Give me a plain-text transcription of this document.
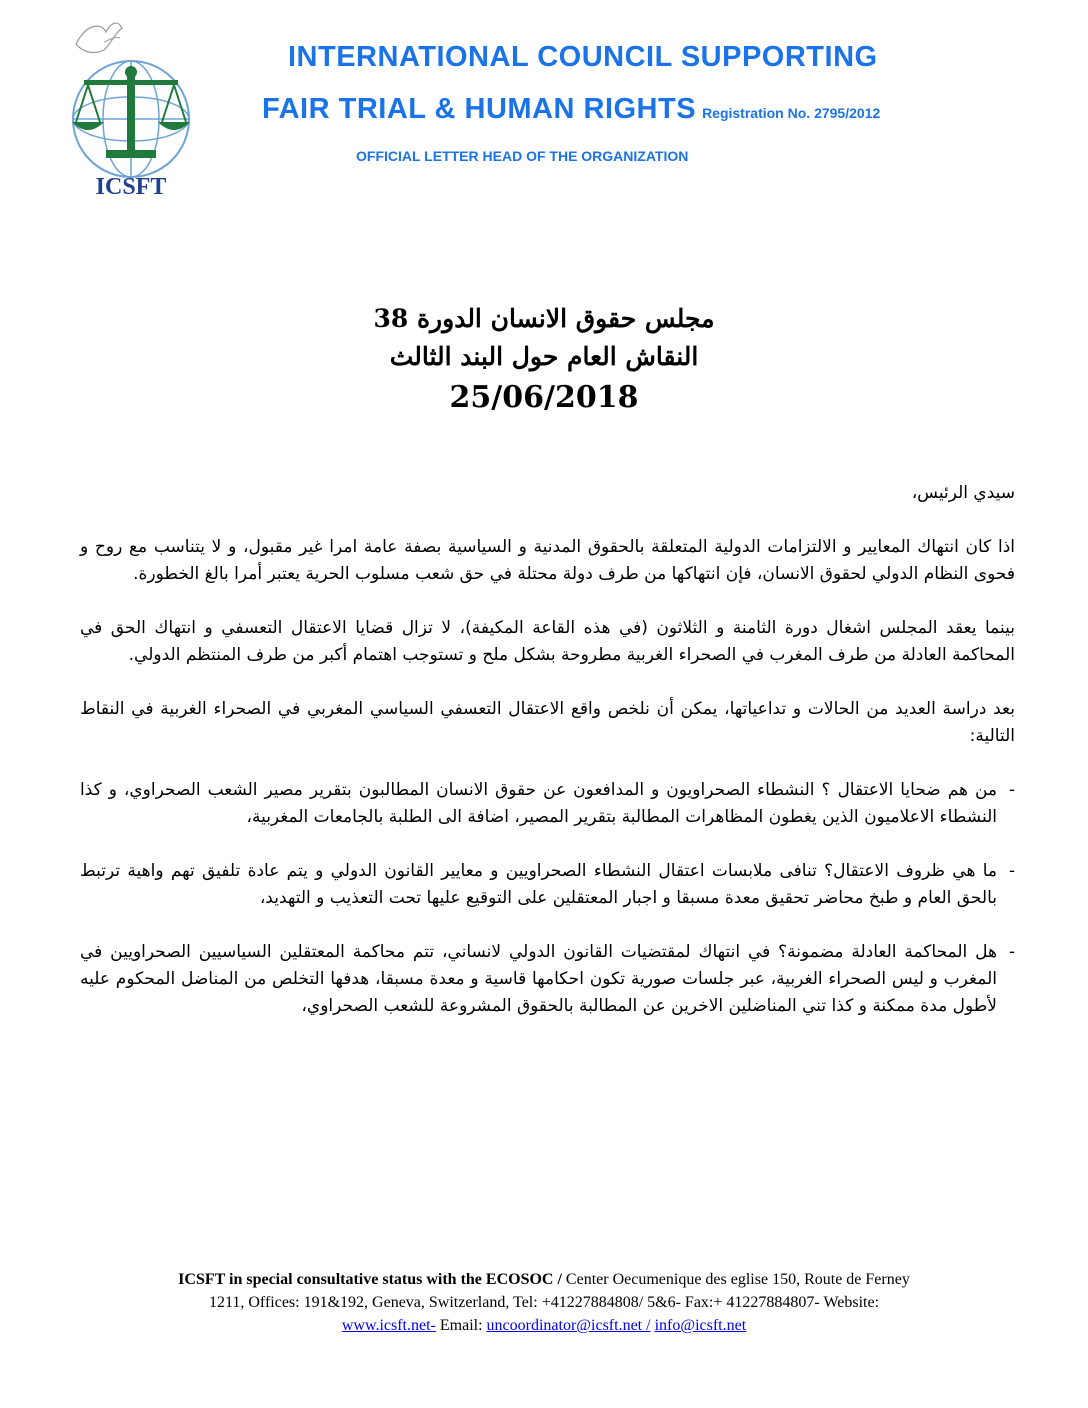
ICSFT
INTERNATIONAL COUNCIL SUPPORTING
FAIR TRIAL & HUMAN RIGHTS Registration No. 2795/2012
OFFICIAL LETTER HEAD OF THE ORGANIZATION
مجلس حقوق الانسان الدورة 38
النقاش العام حول البند الثالث
25/06/2018

سيدي الرئيس،

اذا كان انتهاك المعايير و الالتزامات الدولية المتعلقة بالحقوق المدنية و السياسية بصفة عامة امرا غير مقبول، و لا يتناسب مع روح و فحوى النظام الدولي لحقوق الانسان، فإن انتهاكها من طرف دولة محتلة في حق شعب مسلوب الحرية يعتبر أمرا بالغ الخطورة.

بينما يعقد المجلس اشغال دورة الثامنة و الثلاثون (في هذه القاعة المكيفة)، لا تزال قضايا الاعتقال التعسفي و انتهاك الحق في المحاكمة العادلة من طرف المغرب في الصحراء الغربية مطروحة بشكل ملح و تستوجب اهتمام أكبر من طرف المنتظم الدولي.

بعد دراسة العديد من الحالات و تداعياتها، يمكن أن نلخص واقع الاعتقال التعسفي السياسي المغربي في الصحراء الغربية في النقاط التالية:

-
من هم ضحايا الاعتقال ؟ النشطاء الصحراويون و المدافعون عن حقوق الانسان المطالبون بتقرير مصير الشعب الصحراوي، و كذا النشطاء الاعلاميون الذين يغطون المظاهرات المطالبة بتقرير المصير، اضافة الى الطلبة بالجامعات المغربية،

-
ما هي ظروف الاعتقال؟ تنافى ملابسات اعتقال النشطاء الصحراويين و معايير القانون الدولي و يتم عادة تلفيق تهم واهية ترتبط بالحق العام و طبخ محاضر تحقيق معدة مسبقا و اجبار المعتقلين على التوقيع عليها تحت التعذيب و التهديد،

-
هل المحاكمة العادلة مضمونة؟ في انتهاك لمقتضيات القانون الدولي لانساني، تتم محاكمة المعتقلين السياسيين الصحراويين في المغرب و ليس الصحراء الغربية، عبر جلسات صورية تكون احكامها قاسية و معدة مسبقا، هدفها التخلص من المناضل المحكوم عليه لأطول مدة ممكنة و كذا تني المناضلين الاخرين عن المطالبة بالحقوق المشروعة للشعب الصحراوي،

ICSFT in special consultative status with the ECOSOC / Center Oecumenique des eglise 150, Route de Ferney
1211, Offices: 191&192, Geneva, Switzerland, Tel: +41227884808/ 5&6- Fax:+ 41227884807- Website:
www.icsft.net- Email: uncoordinator@icsft.net / info@icsft.net
